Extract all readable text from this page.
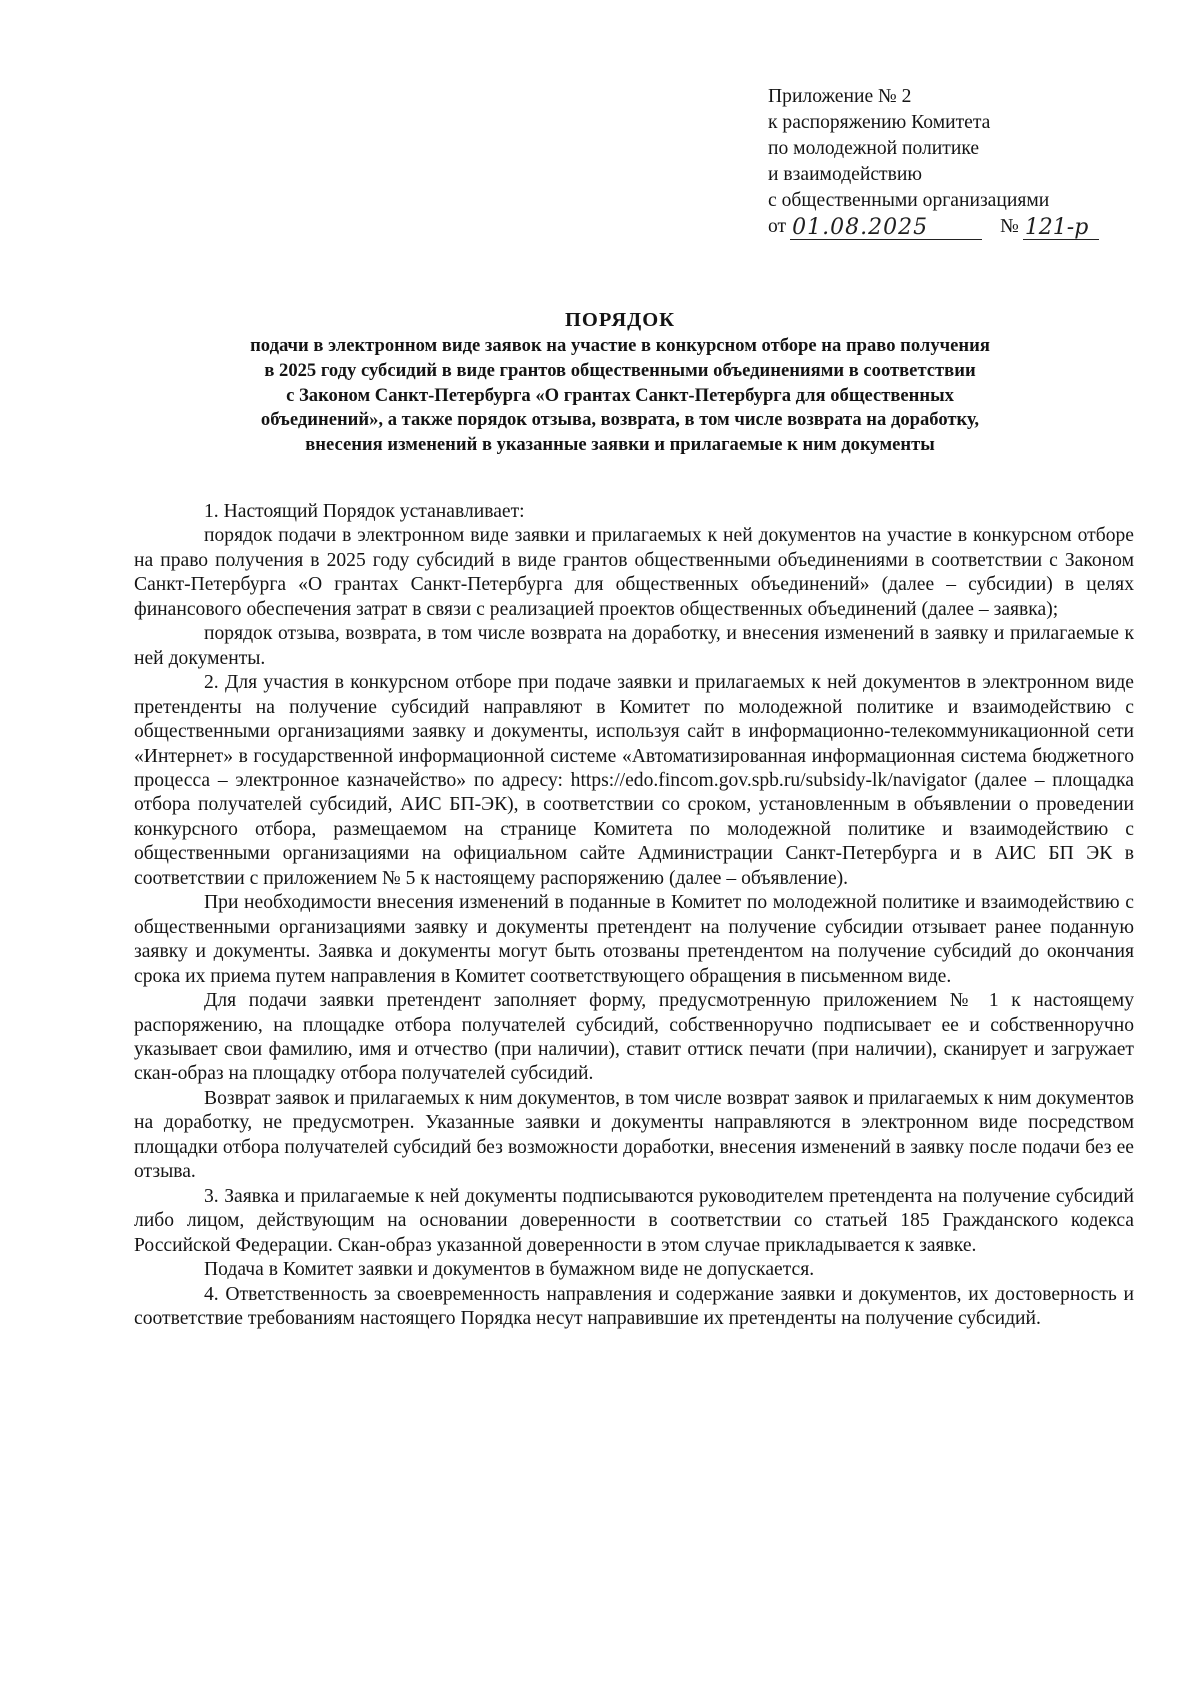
Приложение № 2
к распоряжению Комитета
по молодежной политике
и взаимодействию
с общественными организациями
от 01.08.2025	№ 121-р
ПОРЯДОК
подачи в электронном виде заявок на участие в конкурсном отборе на право получения
в 2025 году субсидий в виде грантов общественными объединениями в соответствии
с Законом Санкт-Петербурга «О грантах Санкт-Петербурга для общественных
объединений», а также порядок отзыва, возврата, в том числе возврата на доработку,
внесения изменений в указанные заявки и прилагаемые к ним документы

1. Настоящий Порядок устанавливает:

порядок подачи в электронном виде заявки и прилагаемых к ней документов на участие в конкурсном отборе на право получения в 2025 году субсидий в виде грантов общественными объединениями в соответствии с Законом Санкт-Петербурга «О грантах Санкт-Петербурга для общественных объединений» (далее – субсидии) в целях финансового обеспечения затрат в связи с реализацией проектов общественных объединений (далее – заявка);

порядок отзыва, возврата, в том числе возврата на доработку, и внесения изменений в заявку и прилагаемые к ней документы.

2. Для участия в конкурсном отборе при подаче заявки и прилагаемых к ней документов в электронном виде претенденты на получение субсидий направляют в Комитет по молодежной политике и взаимодействию с общественными организациями заявку и документы, используя сайт в информационно-телекоммуникационной сети «Интернет» в государственной информационной системе «Автоматизированная информационная система бюджетного процесса – электронное казначейство» по адресу: https://edo.fincom.gov.spb.ru/subsidy-lk/navigator (далее – площадка отбора получателей субсидий, АИС БП-ЭК), в соответствии со сроком, установленным в объявлении о проведении конкурсного отбора, размещаемом на странице Комитета по молодежной политике и взаимодействию с общественными организациями на официальном сайте Администрации Санкт-Петербурга и в АИС БП ЭК в соответствии с приложением № 5 к настоящему распоряжению (далее – объявление).

При необходимости внесения изменений в поданные в Комитет по молодежной политике и взаимодействию с общественными организациями заявку и документы претендент на получение субсидии отзывает ранее поданную заявку и документы. Заявка и документы могут быть отозваны претендентом на получение субсидий до окончания срока их приема путем направления в Комитет соответствующего обращения в письменном виде.

Для подачи заявки претендент заполняет форму, предусмотренную приложением № 1 к настоящему распоряжению, на площадке отбора получателей субсидий, собственноручно подписывает ее и собственноручно указывает свои фамилию, имя и отчество (при наличии), ставит оттиск печати (при наличии), сканирует и загружает скан-образ на площадку отбора получателей субсидий.

Возврат заявок и прилагаемых к ним документов, в том числе возврат заявок и прилагаемых к ним документов на доработку, не предусмотрен. Указанные заявки и документы направляются в электронном виде посредством площадки отбора получателей субсидий без возможности доработки, внесения изменений в заявку после подачи без ее отзыва.

3. Заявка и прилагаемые к ней документы подписываются руководителем претендента на получение субсидий либо лицом, действующим на основании доверенности в соответствии со статьей 185 Гражданского кодекса Российской Федерации. Скан-образ указанной доверенности в этом случае прикладывается к заявке.

Подача в Комитет заявки и документов в бумажном виде не допускается.

4. Ответственность за своевременность направления и содержание заявки и документов, их достоверность и соответствие требованиям настоящего Порядка несут направившие их претенденты на получение субсидий.
